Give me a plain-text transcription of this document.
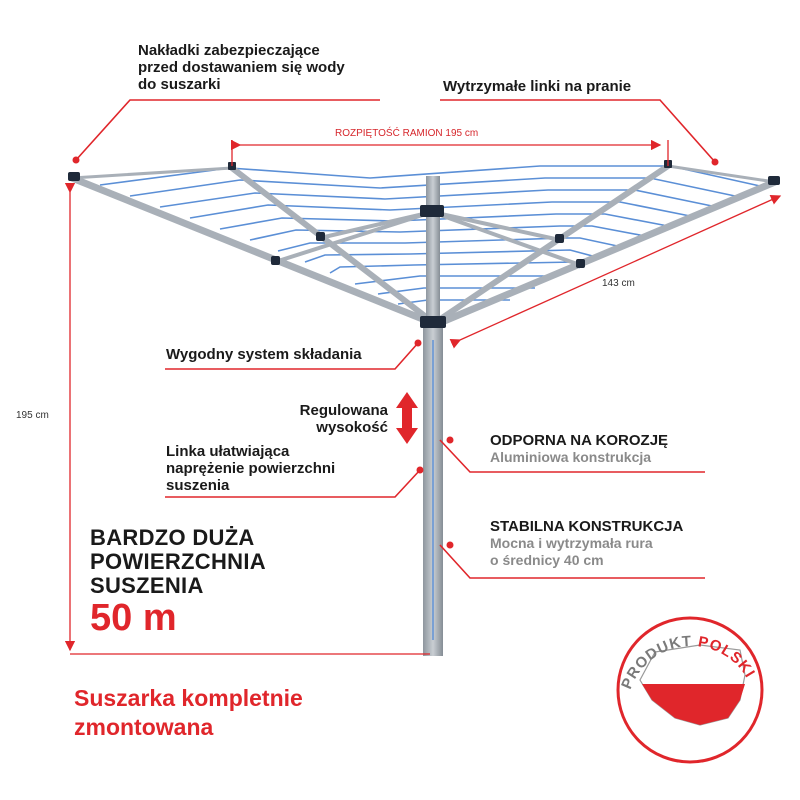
PRODUKT POLSKI
Nakładki zabezpieczające
przed dostawaniem się wody
do suszarki	Wytrzymałe linki na pranie
ROZPIĘTOŚĆ RAMION 195 cm
143 cm
195 cm
Wygodny system składania
Regulowana
wysokość
Linka ułatwiająca
naprężenie powierzchni
suszenia
ODPORNA NA KOROZJĘ
Aluminiowa konstrukcja
STABILNA KONSTRUKCJA
Mocna i wytrzymała rura
o średnicy 40 cm
BARDZO DUŻA
POWIERZCHNIA
SUSZENIA
50 m
Suszarka kompletnie
zmontowana
